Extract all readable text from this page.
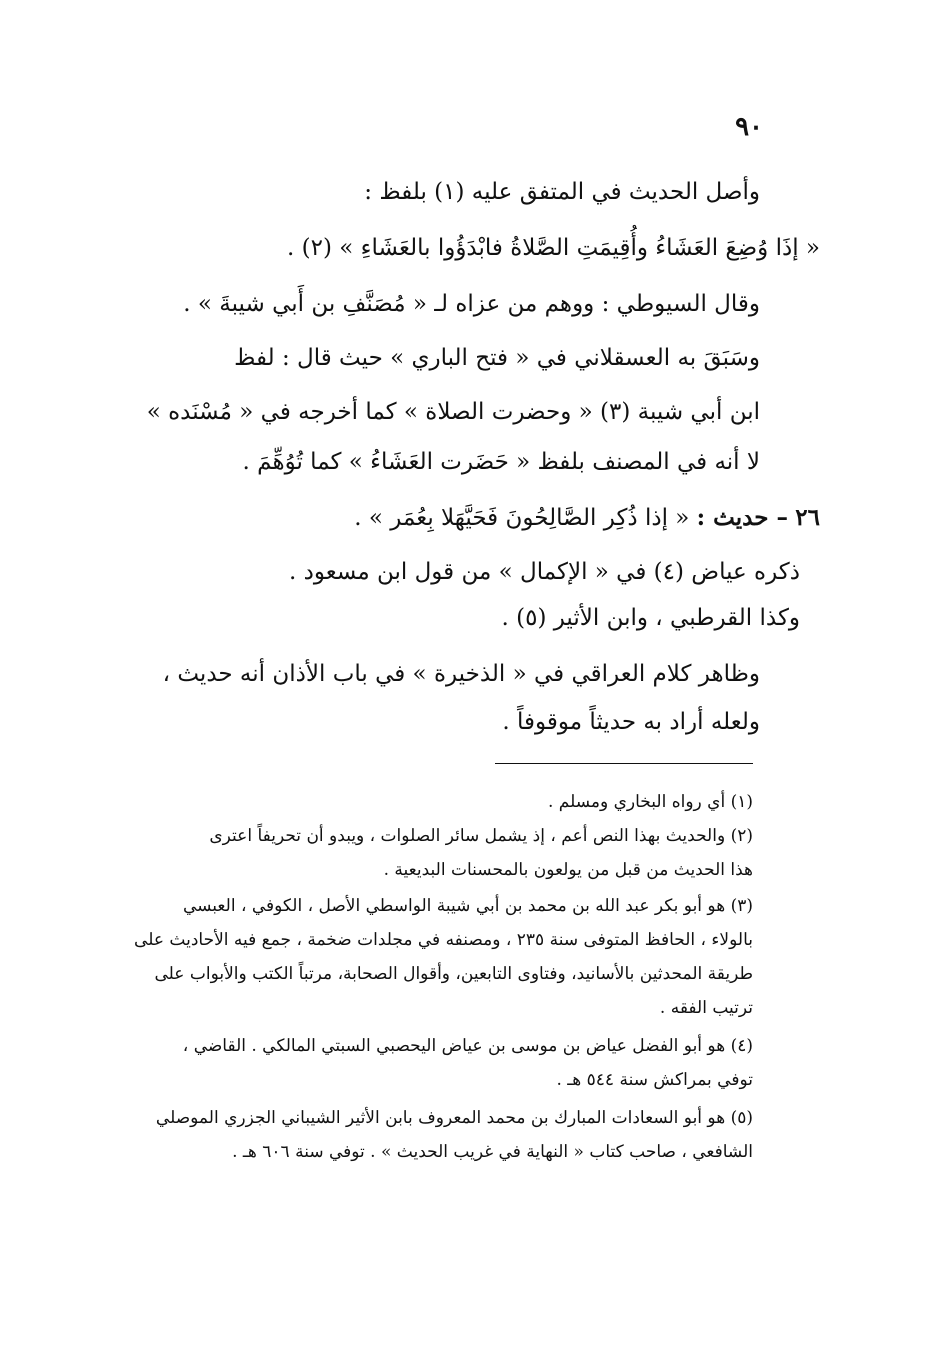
٩٠
وأصل الحديث في المتفق عليه (١) بلفظ :
« إذَا وُضِعَ العَشَاءُ وأُقِيمَتِ الصَّلاةُ فابْدَؤُوا بالعَشَاءِ » (٢) .
وقال السيوطي : ووهم من عزاه لـ « مُصَنَّفِ بن أَبي شيبةَ » .
وسَبَقَ به العسقلاني في « فتح الباري » حيث قال : لفظ
ابن أبي شيبة (٣) « وحضرت الصلاة » كما أخرجه في « مُسْنَده »
لا أنه في المصنف بلفظ « حَضَرت العَشَاءُ » كما تُوُهِّمَ .
٢٦ – حديث : « إذا ذُكِر الصَّالِحُونَ فَحَيَّهَلا بِعُمَر » .
ذكره عياض (٤) في « الإكمال » من قول ابن مسعود .
وكذا القرطبي ، وابن الأثير (٥) .
وظاهر كلام العراقي في « الذخيرة » في باب الأذان أنه حديث ،
ولعله أراد به حديثاً موقوفاً .
(١) أي رواه البخاري ومسلم .
(٢) والحديث بهذا النص أعم ، إذ يشمل سائر الصلوات ، ويبدو أن تحريفاً اعترى
هذا الحديث من قبل من يولعون بالمحسنات البديعية .
(٣) هو أبو بكر عبد الله بن محمد بن أبي شيبة الواسطي الأصل ، الكوفي ، العبسي
بالولاء ، الحافظ المتوفى سنة ٢٣٥ ، ومصنفه في مجلدات ضخمة ، جمع فيه الأحاديث على
طريقة المحدثين بالأسانيد، وفتاوى التابعين، وأقوال الصحابة، مرتباً الكتب والأبواب على
ترتيب الفقه .
(٤) هو أبو الفضل عياض بن موسى بن عياض اليحصبي السبتي المالكي . القاضي ،
توفي بمراكش سنة ٥٤٤ هـ .
(٥) هو أبو السعادات المبارك بن محمد المعروف بابن الأثير الشيباني الجزري الموصلي
الشافعي ، صاحب كتاب « النهاية في غريب الحديث » . توفي سنة ٦٠٦ هـ .
